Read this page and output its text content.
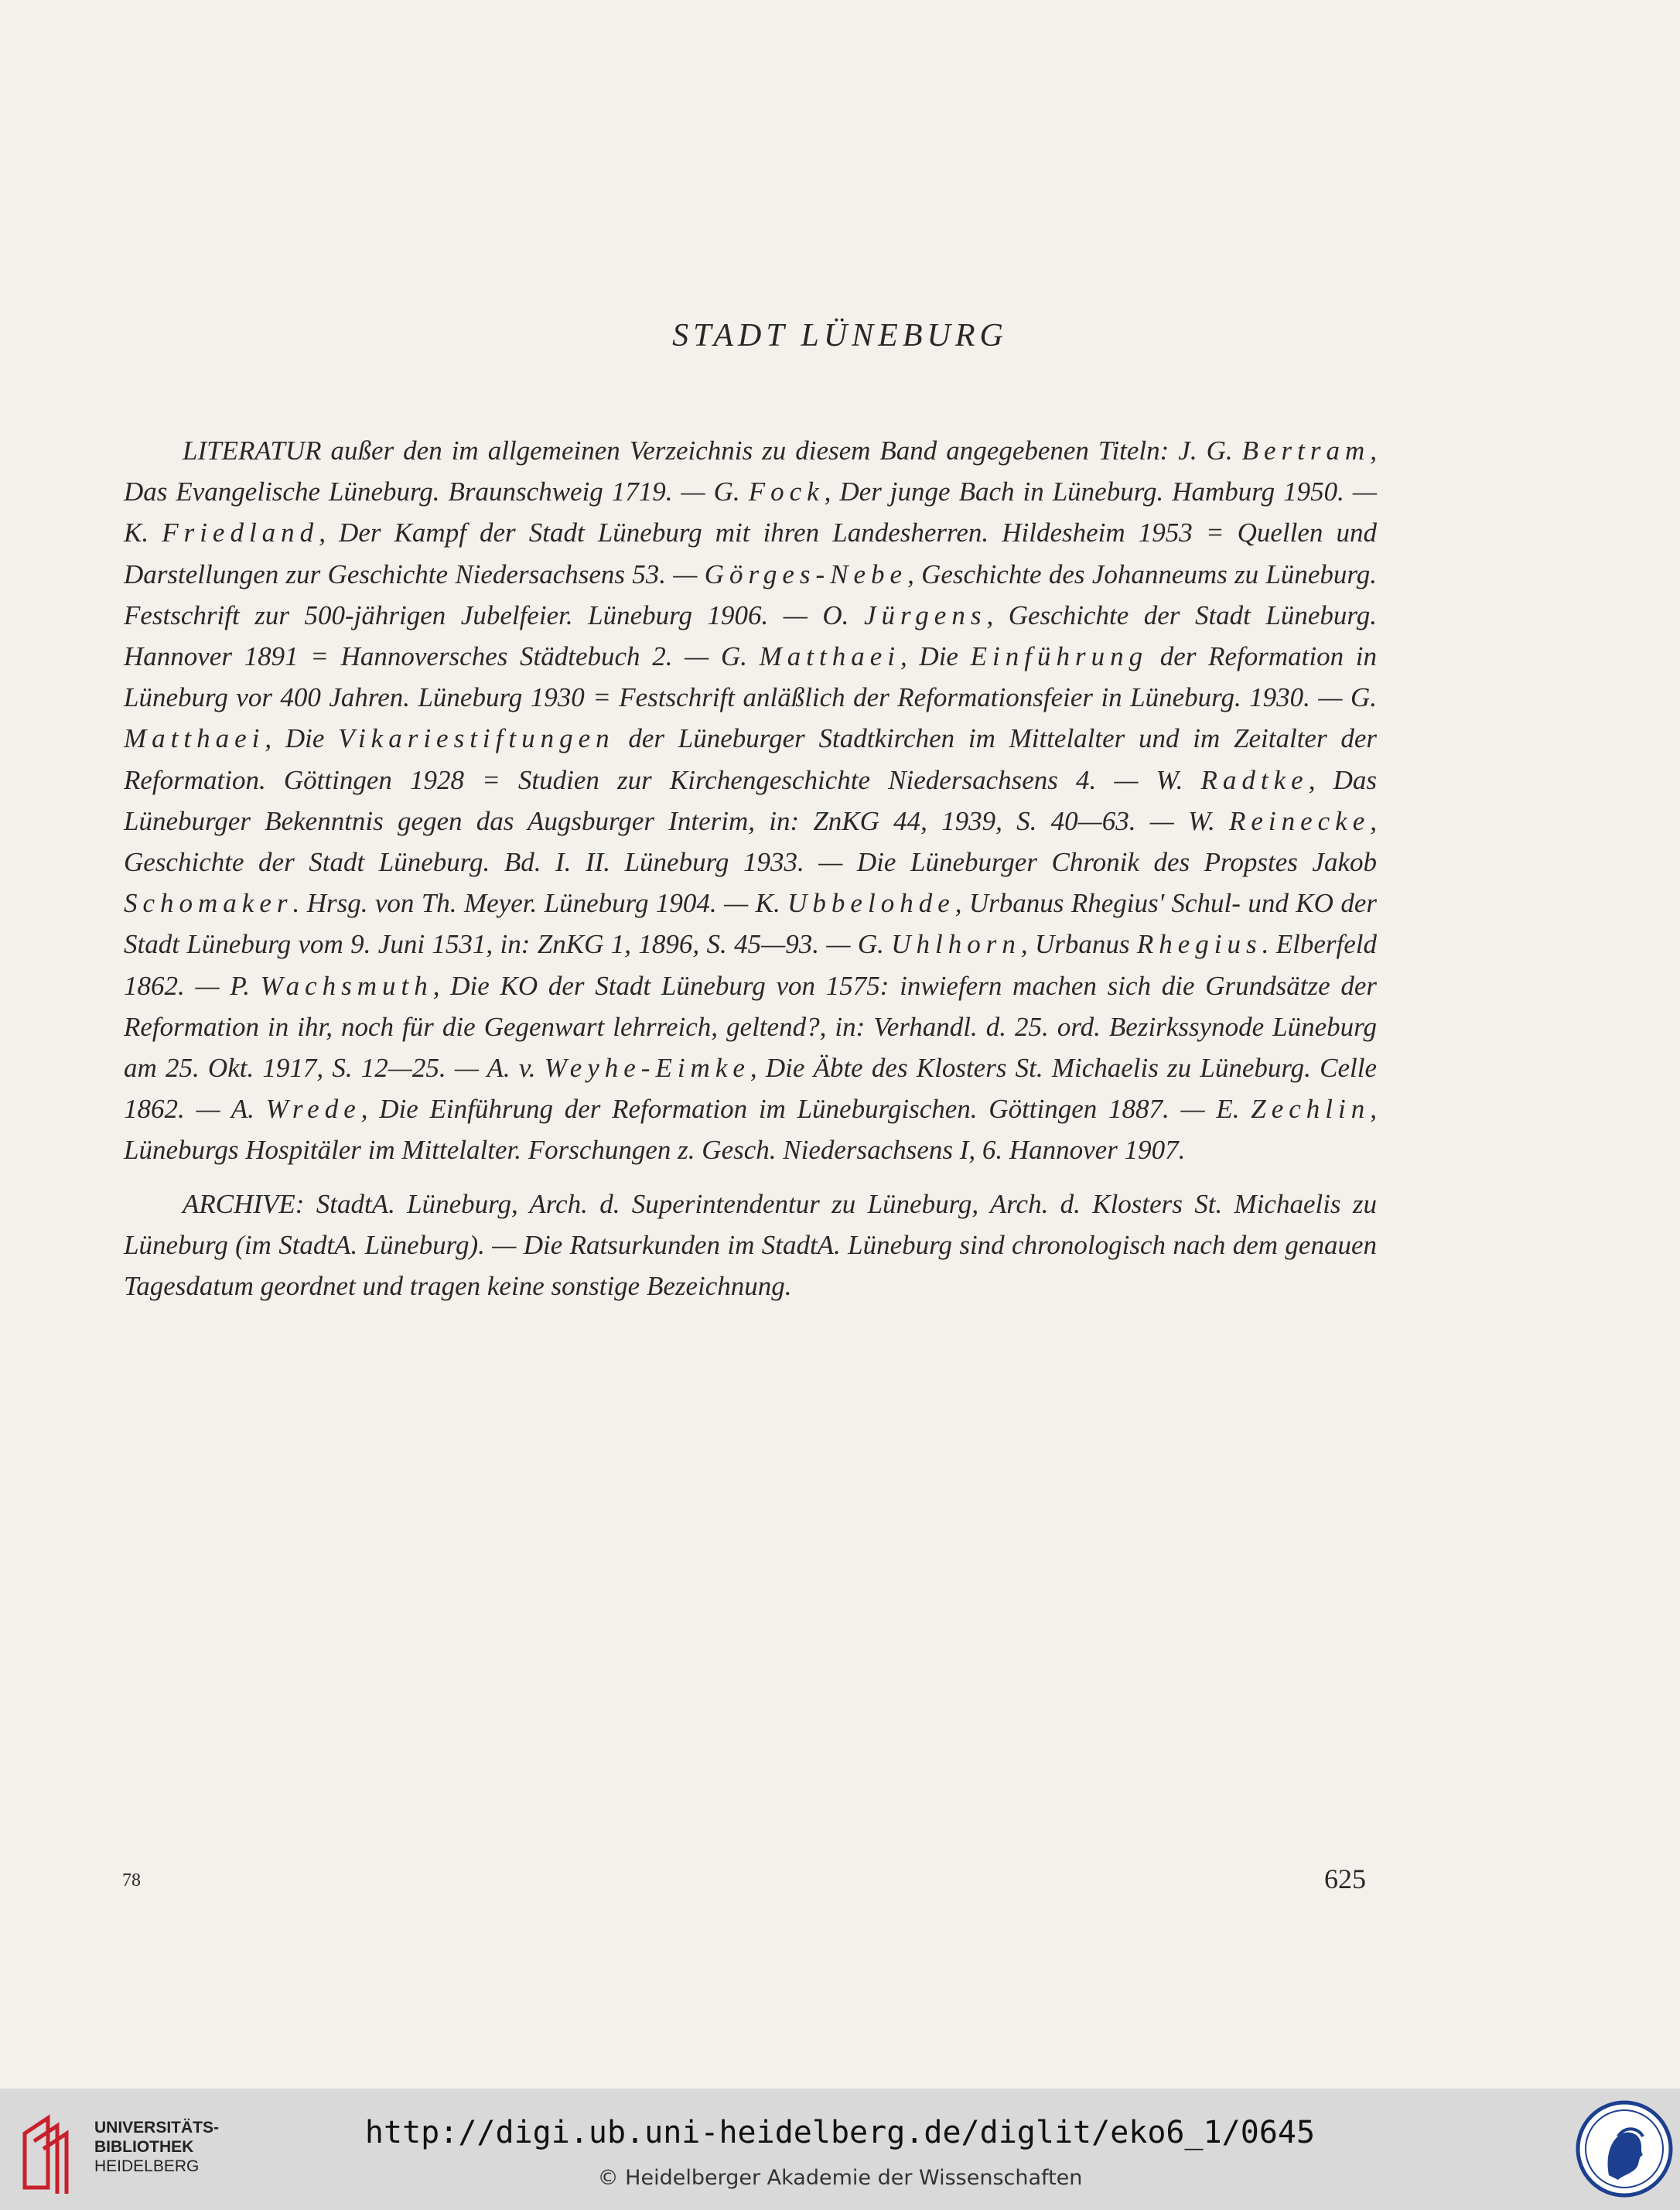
STADT LÜNEBURG

LITERATUR außer den im allgemeinen Verzeichnis zu diesem Band angegebenen Titeln: J. G. Bertram, Das Evangelische Lüneburg. Braunschweig 1719. — G. Fock, Der junge Bach in Lüneburg. Hamburg 1950. — K. Friedland, Der Kampf der Stadt Lüneburg mit ihren Landesherren. Hildesheim 1953 = Quellen und Darstellungen zur Geschichte Niedersachsens 53. — Görges-Nebe, Geschichte des Johanneums zu Lüneburg. Festschrift zur 500-jährigen Jubelfeier. Lüneburg 1906. — O. Jürgens, Geschichte der Stadt Lüneburg. Hannover 1891 = Hannoversches Städtebuch 2. — G. Matthaei, Die Einführung der Reformation in Lüneburg vor 400 Jahren. Lüneburg 1930 = Festschrift anläßlich der Reformationsfeier in Lüneburg. 1930. — G. Matthaei, Die Vikariestiftungen der Lüneburger Stadtkirchen im Mittelalter und im Zeitalter der Reformation. Göttingen 1928 = Studien zur Kirchengeschichte Niedersachsens 4. — W. Radtke, Das Lüneburger Bekenntnis gegen das Augsburger Interim, in: ZnKG 44, 1939, S. 40—63. — W. Reinecke, Geschichte der Stadt Lüneburg. Bd. I. II. Lüneburg 1933. — Die Lüneburger Chronik des Propstes Jakob Schomaker. Hrsg. von Th. Meyer. Lüneburg 1904. — K. Ubbelohde, Urbanus Rhegius' Schul- und KO der Stadt Lüneburg vom 9. Juni 1531, in: ZnKG 1, 1896, S. 45—93. — G. Uhlhorn, Urbanus Rhegius. Elberfeld 1862. — P. Wachsmuth, Die KO der Stadt Lüneburg von 1575: inwiefern machen sich die Grundsätze der Reformation in ihr, noch für die Gegenwart lehrreich, geltend?, in: Verhandl. d. 25. ord. Bezirkssynode Lüneburg am 25. Okt. 1917, S. 12—25. — A. v. Weyhe-Eimke, Die Äbte des Klosters St. Michaelis zu Lüneburg. Celle 1862. — A. Wrede, Die Einführung der Reformation im Lüneburgischen. Göttingen 1887. — E. Zechlin, Lüneburgs Hospitäler im Mittelalter. Forschungen z. Gesch. Niedersachsens I, 6. Hannover 1907.

ARCHIVE: StadtA. Lüneburg, Arch. d. Superintendentur zu Lüneburg, Arch. d. Klosters St. Michaelis zu Lüneburg (im StadtA. Lüneburg). — Die Ratsurkunden im StadtA. Lüneburg sind chronologisch nach dem genauen Tagesdatum geordnet und tragen keine sonstige Bezeichnung.

78	625
UNIVERSITÄTS-
BIBLIOTHEK
HEIDELBERG
http://digi.ub.uni-heidelberg.de/diglit/eko6_1/0645
© Heidelberger Akademie der Wissenschaften
